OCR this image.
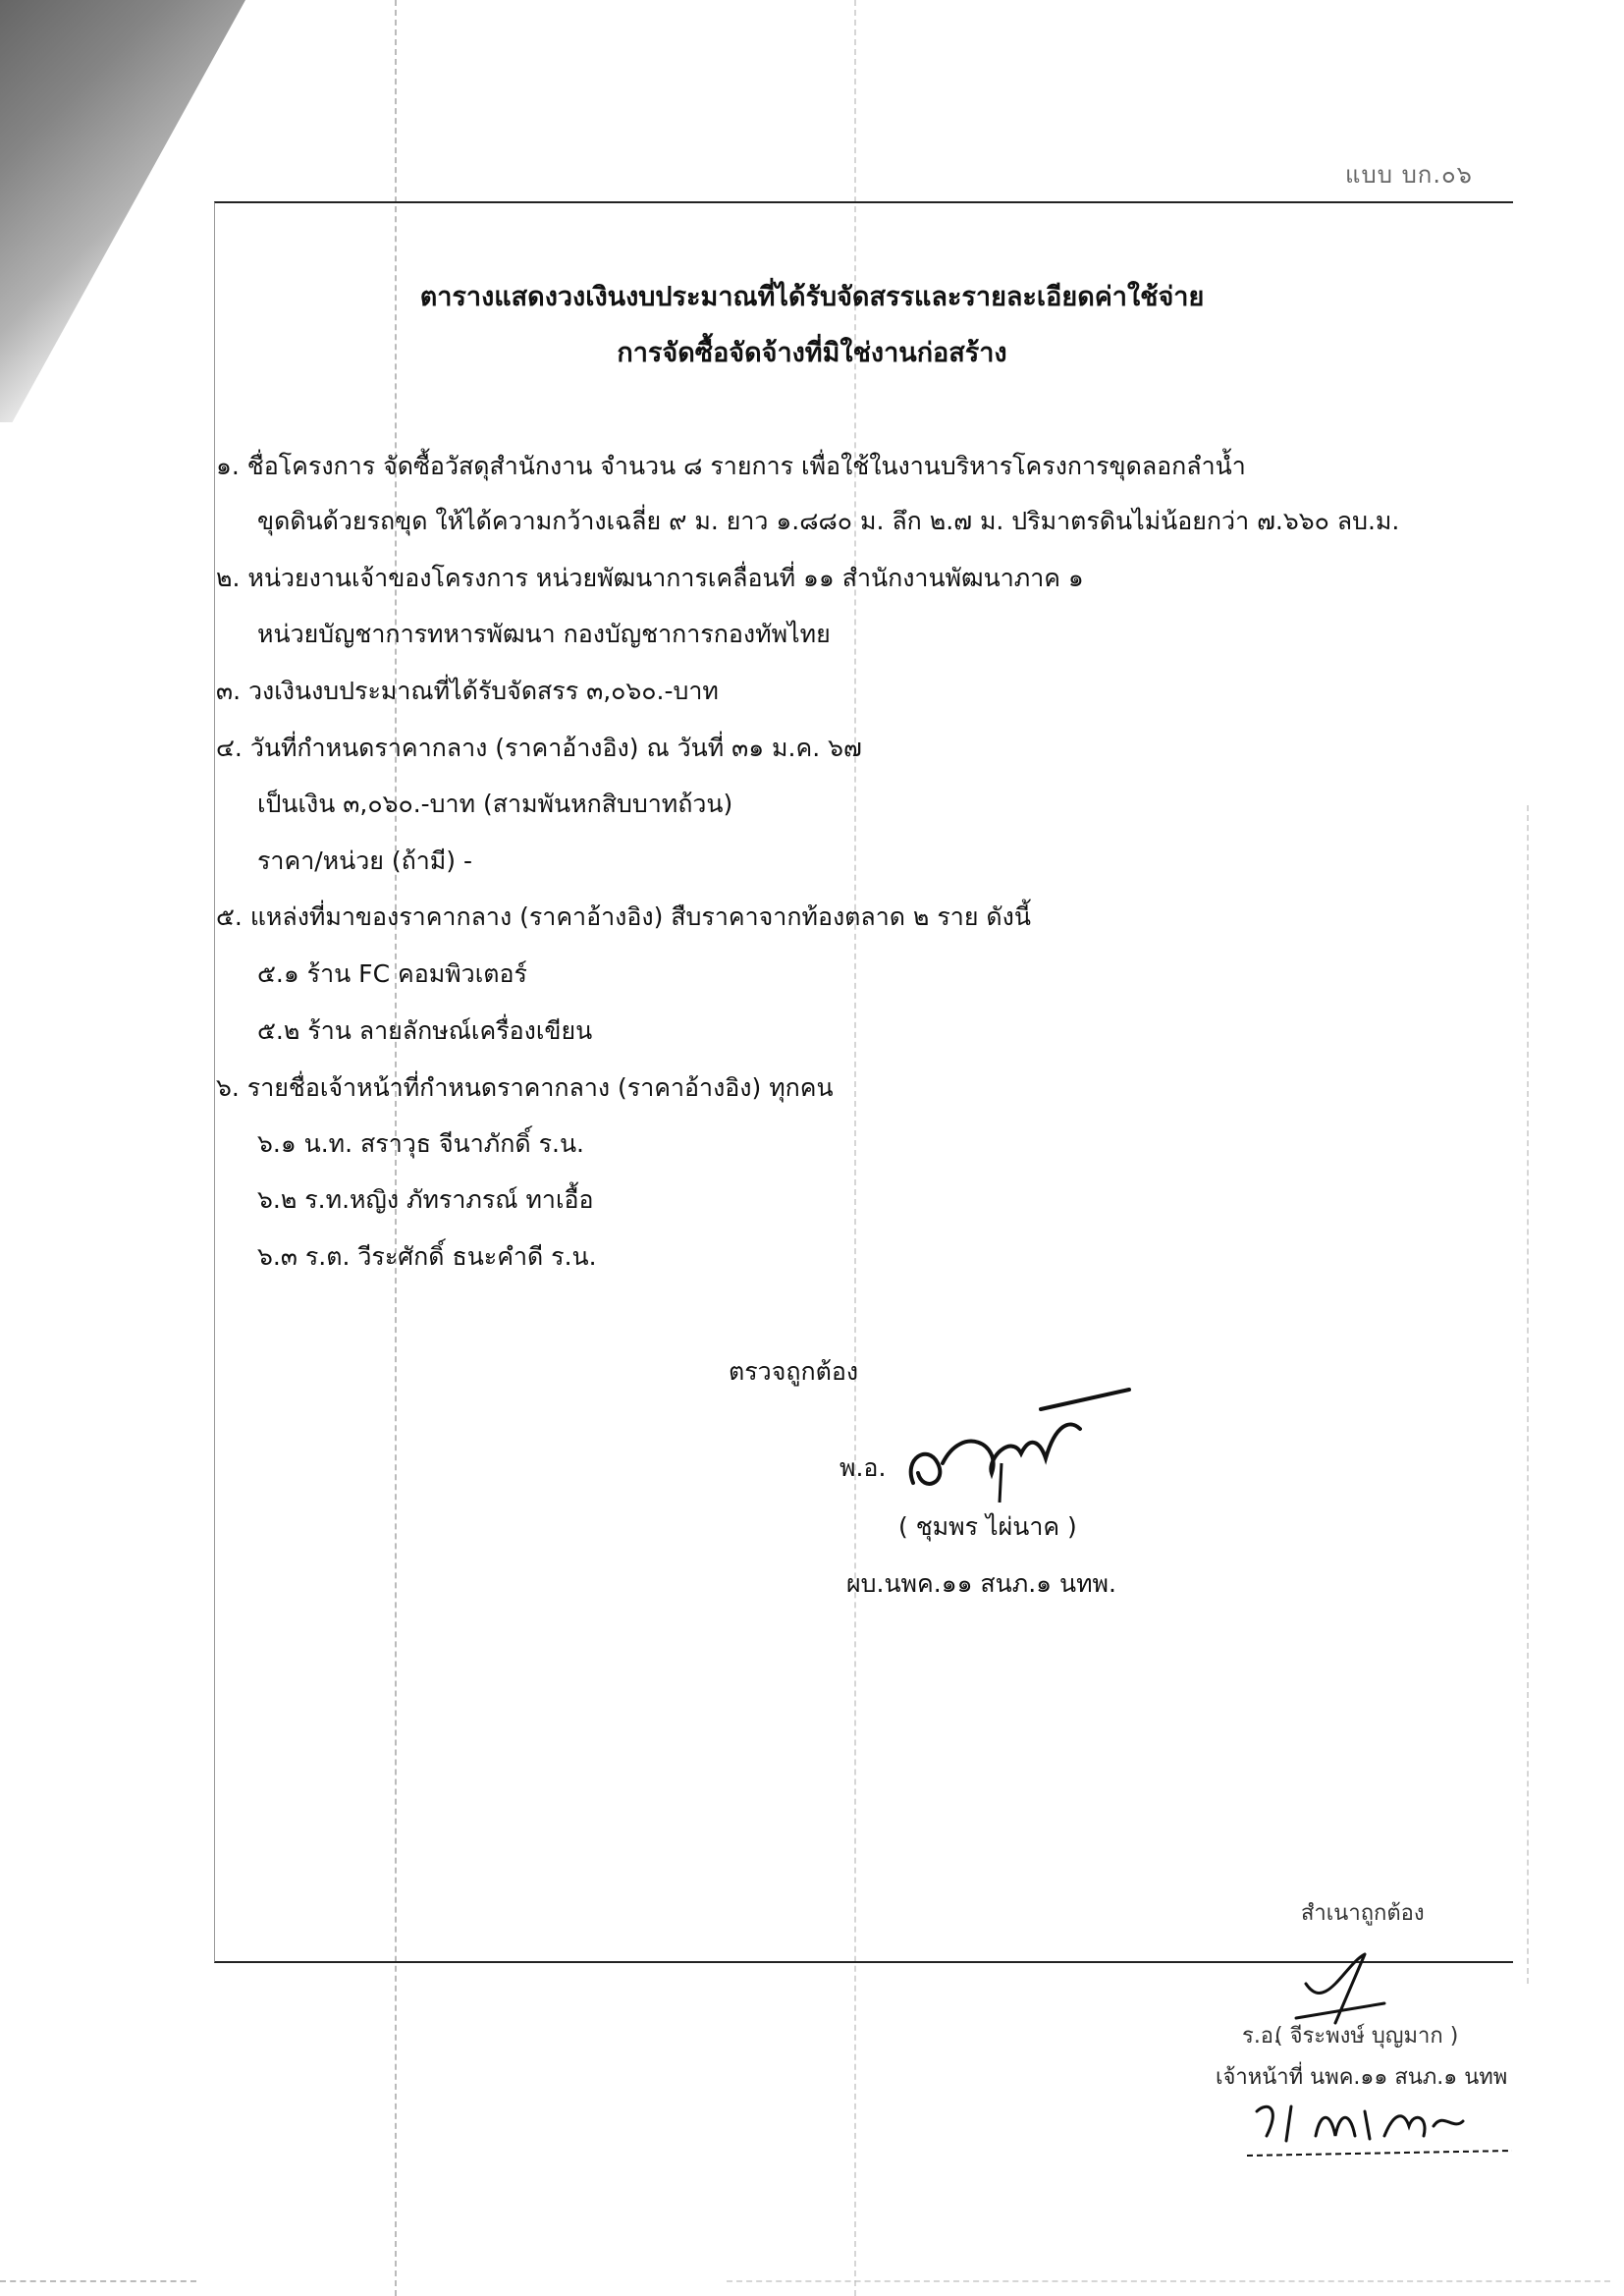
แบบ บก.๐๖
ตารางแสดงวงเงินงบประมาณที่ได้รับจัดสรรและรายละเอียดค่าใช้จ่าย
การจัดซื้อจัดจ้างที่มิใช่งานก่อสร้าง
๑. ชื่อโครงการ จัดซื้อวัสดุสำนักงาน จำนวน ๘ รายการ เพื่อใช้ในงานบริหารโครงการขุดลอกลำน้ำ
ขุดดินด้วยรถขุด ให้ได้ความกว้างเฉลี่ย ๙ ม. ยาว ๑.๘๘๐ ม. ลึก ๒.๗ ม. ปริมาตรดินไม่น้อยกว่า ๗.๖๖๐ ลบ.ม.
๒. หน่วยงานเจ้าของโครงการ หน่วยพัฒนาการเคลื่อนที่ ๑๑ สำนักงานพัฒนาภาค ๑
หน่วยบัญชาการทหารพัฒนา กองบัญชาการกองทัพไทย
๓. วงเงินงบประมาณที่ได้รับจัดสรร ๓,๐๖๐.-บาท
๔. วันที่กำหนดราคากลาง (ราคาอ้างอิง) ณ วันที่ ๓๑ ม.ค. ๖๗
เป็นเงิน ๓,๐๖๐.-บาท (สามพันหกสิบบาทถ้วน)
ราคา/หน่วย (ถ้ามี) -
๕. แหล่งที่มาของราคากลาง (ราคาอ้างอิง) สืบราคาจากท้องตลาด ๒ ราย ดังนี้
๕.๑ ร้าน FC คอมพิวเตอร์
๕.๒ ร้าน ลายลักษณ์เครื่องเขียน
๖. รายชื่อเจ้าหน้าที่กำหนดราคากลาง (ราคาอ้างอิง) ทุกคน
๖.๑ น.ท. สราวุธ จีนาภักดิ์ ร.น.
๖.๒ ร.ท.หญิง ภัทราภรณ์ ทาเอื้อ
๖.๓ ร.ต. วีระศักดิ์ ธนะคำดี ร.น.
ตรวจถูกต้อง
พ.อ.
( ชุมพร ไผ่นาค )
ผบ.นพค.๑๑ สนภ.๑ นทพ.
สำเนาถูกต้อง
ร.อ.
( จีระพงษ์ บุญมาก )
เจ้าหน้าที่ นพค.๑๑ สนภ.๑ นทพ
